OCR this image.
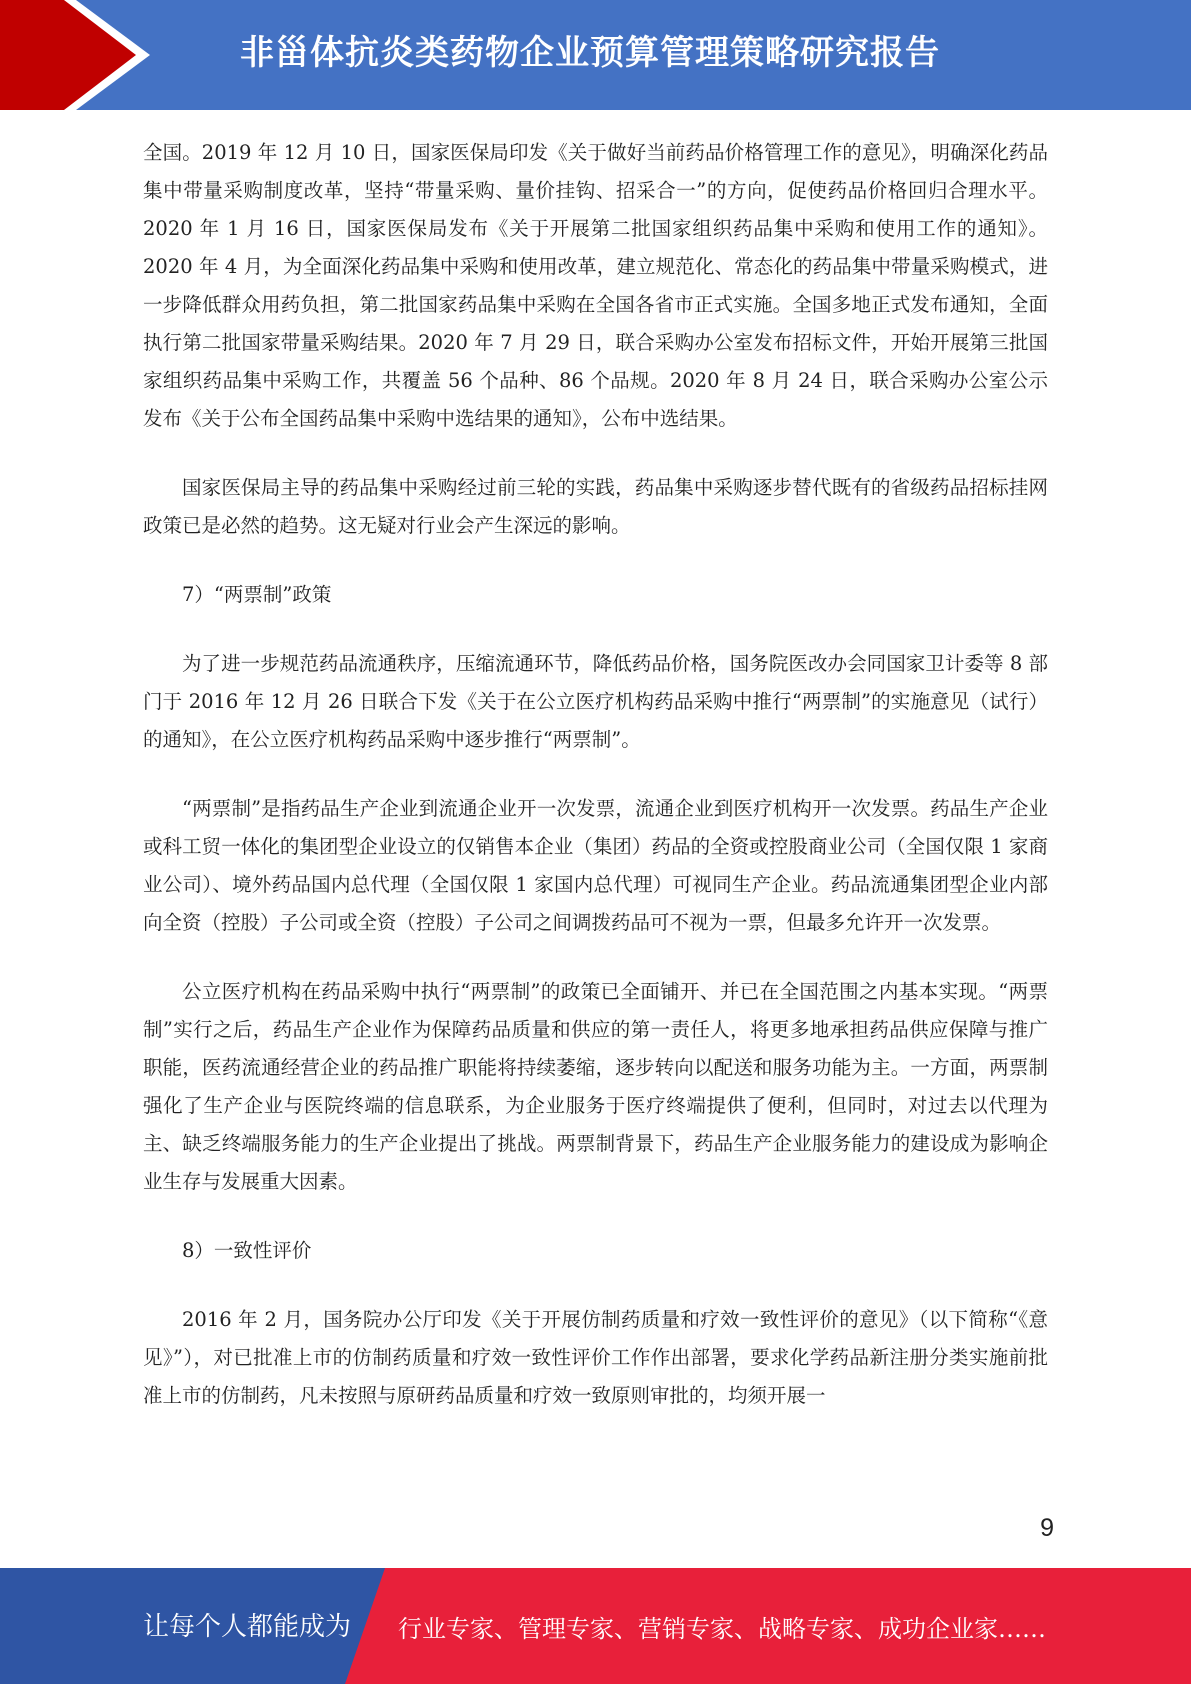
非甾体抗炎类药物企业预算管理策略研究报告

全国。2019 年 12 月 10 日，国家医保局印发《关于做好当前药品价格管理工作的意见》，明确深化药品集中带量采购制度改革，坚持“带量采购、量价挂钩、招采合一”的方向，促使药品价格回归合理水平。2020 年 1 月 16 日，国家医保局发布《关于开展第二批国家组织药品集中采购和使用工作的通知》。2020 年 4 月，为全面深化药品集中采购和使用改革，建立规范化、常态化的药品集中带量采购模式，进一步降低群众用药负担，第二批国家药品集中采购在全国各省市正式实施。全国多地正式发布通知，全面执行第二批国家带量采购结果。2020 年 7 月 29 日，联合采购办公室发布招标文件，开始开展第三批国家组织药品集中采购工作，共覆盖 56 个品种、86 个品规。2020 年 8 月 24 日，联合采购办公室公示发布《关于公布全国药品集中采购中选结果的通知》，公布中选结果。

国家医保局主导的药品集中采购经过前三轮的实践，药品集中采购逐步替代既有的省级药品招标挂网政策已是必然的趋势。这无疑对行业会产生深远的影响。

7）“两票制”政策

为了进一步规范药品流通秩序，压缩流通环节，降低药品价格，国务院医改办会同国家卫计委等 8 部门于 2016 年 12 月 26 日联合下发《关于在公立医疗机构药品采购中推行“两票制”的实施意见（试行）的通知》，在公立医疗机构药品采购中逐步推行“两票制”。

“两票制”是指药品生产企业到流通企业开一次发票，流通企业到医疗机构开一次发票。药品生产企业或科工贸一体化的集团型企业设立的仅销售本企业（集团）药品的全资或控股商业公司（全国仅限 1 家商业公司）、境外药品国内总代理（全国仅限 1 家国内总代理）可视同生产企业。药品流通集团型企业内部向全资（控股）子公司或全资（控股）子公司之间调拨药品可不视为一票，但最多允许开一次发票。

公立医疗机构在药品采购中执行“两票制”的政策已全面铺开、并已在全国范围之内基本实现。“两票制”实行之后，药品生产企业作为保障药品质量和供应的第一责任人，将更多地承担药品供应保障与推广职能，医药流通经营企业的药品推广职能将持续萎缩，逐步转向以配送和服务功能为主。一方面，两票制强化了生产企业与医院终端的信息联系，为企业服务于医疗终端提供了便利，但同时，对过去以代理为主、缺乏终端服务能力的生产企业提出了挑战。两票制背景下，药品生产企业服务能力的建设成为影响企业生存与发展重大因素。

8）一致性评价

2016 年 2 月，国务院办公厅印发《关于开展仿制药质量和疗效一致性评价的意见》（以下简称“《意见》”），对已批准上市的仿制药质量和疗效一致性评价工作作出部署，要求化学药品新注册分类实施前批准上市的仿制药，凡未按照与原研药品质量和疗效一致原则审批的，均须开展一

9
让每个人都能成为 行业专家、管理专家、营销专家、战略专家、成功企业家……
